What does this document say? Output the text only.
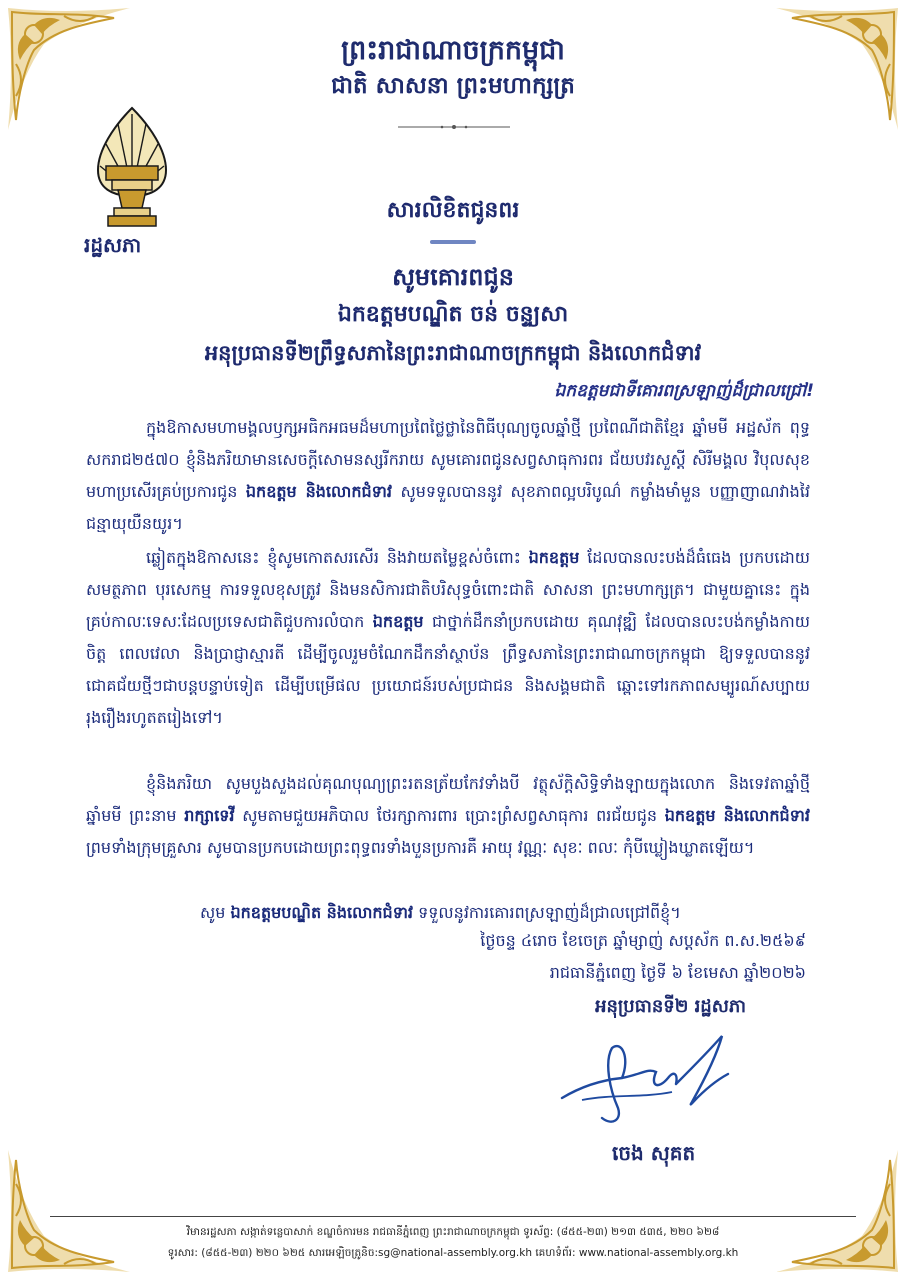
ព្រះរាជាណាចក្រកម្ពុជា
ជាតិ សាសនា ព្រះមហាក្សត្រ
រដ្ឋសភា
សារលិខិតជូនពរ
សូមគោរពជូន
ឯកឧត្តមបណ្ឌិត ចន់ ចន្ទ្យសា
អនុប្រធានទី២ព្រឹទ្ធសភានៃព្រះរាជាណាចក្រកម្ពុជា និងលោកជំទាវ
ឯកឧត្តមជាទីគោរពស្រឡាញ់ដ៏ជ្រាលជ្រៅ!
ក្នុងឱកាសមហាមង្គលឫក្សអធិកអធមដ៏មហាប្រពៃថ្លៃថ្លានៃពិធីបុណ្យចូលឆ្នាំថ្មី ប្រពៃណីជាតិខ្មែរ ឆ្នាំមមី អដ្ឋស័ក ពុទ្ធសករាជ២៥៧០ ខ្ញុំនិងភរិយាមានសេចក្តីសោមនស្សរីករាយ សូមគោរពជូនសព្វសាធុការពរ ជ័យបវរសួស្តី សិរីមង្គល វិបុលសុខមហាប្រសើរគ្រប់ប្រការជូន ឯកឧត្តម និងលោកជំទាវ សូមទទួលបាននូវ សុខភាពល្អបរិបូណ៌ កម្លាំងមាំមួន បញ្ញាញាណវាងវៃ ជន្មាយុយឺនយូរ។
ឆ្លៀតក្នុងឱកាសនេះ ខ្ញុំសូមកោតសរសើរ និងវាយតម្លៃខ្ពស់ចំពោះ ឯកឧត្តម ដែលបានលះបង់ដ៏ធំធេង ប្រកបដោយសមត្ថភាព បុរសេកម្ម ការទទួលខុសត្រូវ និងមនសិការជាតិបរិសុទ្ធចំពោះជាតិ សាសនា ព្រះមហាក្សត្រ។ ជាមួយគ្នានេះ ក្នុងគ្រប់កាលៈទេសៈដែលប្រទេសជាតិជួបការលំបាក ឯកឧត្តម ជាថ្នាក់ដឹកនាំប្រកបដោយ គុណវុឌ្ឍិ ដែលបានលះបង់កម្លាំងកាយចិត្ត ពេលវេលា និងប្រាជ្ញាស្មារតី ដើម្បីចូលរួមចំណែកដឹកនាំស្ថាប័ន ព្រឹទ្ធសភានៃព្រះរាជាណាចក្រកម្ពុជា ឱ្យទទួលបាននូវជោគជ័យថ្មីៗជាបន្តបន្ទាប់ទៀត ដើម្បីបម្រើផល ប្រយោជន៍របស់ប្រជាជន និងសង្គមជាតិ ឆ្ពោះទៅរកភាពសម្បូរណ៍សប្បាយរុងរឿងរហូតតរៀងទៅ។
ខ្ញុំនិងភរិយា សូមបួងសួងដល់គុណបុណ្យព្រះរតនត្រ័យកែវទាំងបី វត្ថុស័ក្តិសិទ្ធិទាំងឡាយក្នុងលោក និងទេវតាឆ្នាំថ្មី ឆ្នាំមមី ព្រះនាម រាក្សាទេវី សូមតាមជួយអភិបាល ថែរក្សាការពារ ប្រោះព្រំសព្វសាធុការ ពរជ័យជូន ឯកឧត្តម និងលោកជំទាវ ព្រមទាំងក្រុមគ្រួសារ សូមបានប្រកបដោយព្រះពុទ្ធពរទាំងបួនប្រការគឺ អាយុ វណ្ណៈ សុខៈ ពលៈ កុំបីឃ្លៀងឃ្លាតឡើយ។
សូម ឯកឧត្តមបណ្ឌិត និងលោកជំទាវ ទទួលនូវការគោរពស្រឡាញ់ដ៏ជ្រាលជ្រៅពីខ្ញុំ។
ថ្ងៃចន្ទ ៤រោច ខែចេត្រ ឆ្នាំម្សាញ់ សប្តស័ក ព.ស.២៥៦៩
រាជធានីភ្នំពេញ ថ្ងៃទី ៦ ខែមេសា ឆ្នាំ២០២៦
អនុប្រធានទី២ រដ្ឋសភា
ចេង សុគត
វិមានរដ្ឋសភា សង្កាត់ទន្លេបាសាក់ ខណ្ឌចំការមន រាជធានីភ្នំពេញ ព្រះរាជាណាចក្រកម្ពុជា ទូរស័ព្ទ: (៨៥៥-២៣) ២១៣ ៥៣៥, ២២០ ៦២៨
ទូរសារ: (៨៥៥-២៣) ២២០ ៦២៥ សារអេឡិចត្រូនិច:sg@national-assembly.org.kh គេហទំព័រ: www.national-assembly.org.kh
